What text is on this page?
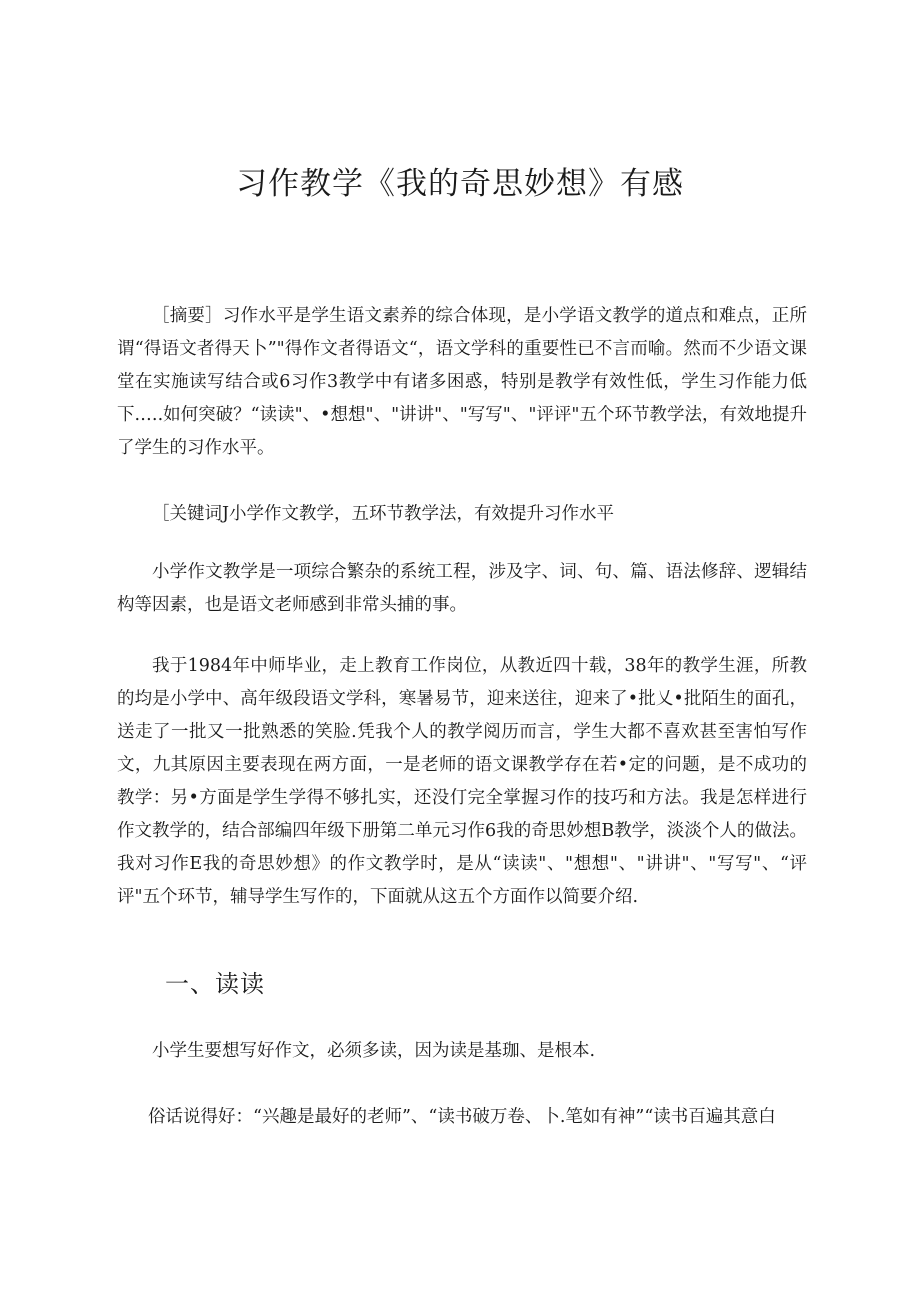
习作教学《我的奇思妙想》有感

［摘要］习作水平是学生语文素养的综合体现，是小学语文教学的道点和难点，正所谓“得语文者得天卜”"得作文者得语文“，语文学科的重要性已不言而喻。然而不少语文课堂在实施读写结合或6习作3教学中有诸多困惑，特别是教学有效性低，学生习作能力低下.….如何突破？“读读"、•想想"、"讲讲"、"写写"、"评评"五个环节教学法，有效地提升了学生的习作水平。

［关键词J小学作文教学，五环节教学法，有效提升习作水平

小学作文教学是一项综合繁杂的系统工程，涉及字、词、句、篇、语法修辞、逻辑结构等因素，也是语文老师感到非常头捕的事。

我于1984年中师毕业，走上教育工作岗位，从教近四十载，38年的教学生涯，所教的均是小学中、高年级段语文学科，寒暑易节，迎来送往，迎来了•批乂•批陌生的面孔，送走了一批又一批熟悉的笑脸.凭我个人的教学阅历而言，学生大都不喜欢甚至害怕写作文，九其原因主要表现在两方面，一是老师的语文课教学存在若•定的问题，是不成功的教学：另•方面是学生学得不够扎实，还没仃完全掌握习作的技巧和方法。我是怎样进行作文教学的，结合部编四年级下册第二单元习作6我的奇思妙想B教学，淡淡个人的做法。我对习作E我的奇思妙想》的作文教学时，是从“读读"、"想想"、"讲讲"、"写写"、“评评"五个环节，辅导学生写作的，下面就从这五个方面作以简要介绍.

一、读读

小学生要想写好作文，必须多读，因为读是基珈、是根本.

俗话说得好：“兴趣是最好的老师”、“读书破万卷、卜.笔如有神”“读书百遍其意白
